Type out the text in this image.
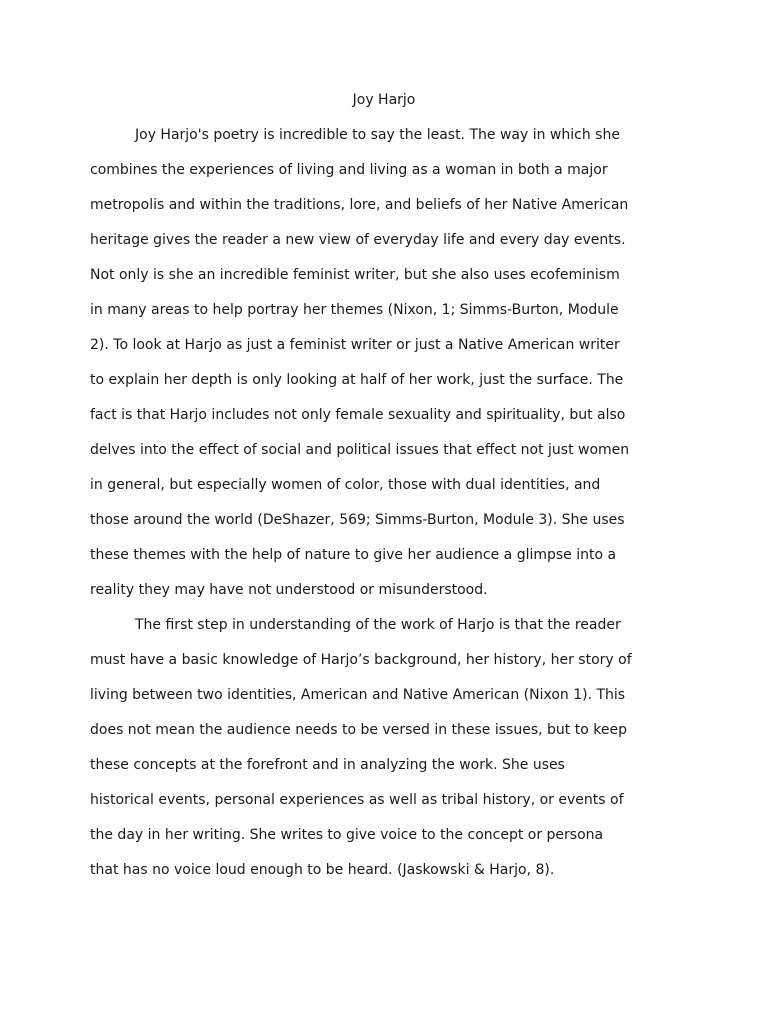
Joy Harjo

Joy Harjo's poetry is incredible to say the least. The way in which she

combines the experiences of living and living as a woman in both a major

metropolis and within the traditions, lore, and beliefs of her Native American

heritage gives the reader a new view of everyday life and every day events.

Not only is she an incredible feminist writer, but she also uses ecofeminism

in many areas to help portray her themes (Nixon, 1; Simms-Burton, Module

2). To look at Harjo as just a feminist writer or just a Native American writer

to explain her depth is only looking at half of her work, just the surface. The

fact is that Harjo includes not only female sexuality and spirituality, but also

delves into the effect of social and political issues that effect not just women

in general, but especially women of color, those with dual identities, and

those around the world (DeShazer, 569; Simms-Burton, Module 3). She uses

these themes with the help of nature to give her audience a glimpse into a

reality they may have not understood or misunderstood.

The first step in understanding of the work of Harjo is that the reader

must have a basic knowledge of Harjo’s background, her history, her story of

living between two identities, American and Native American (Nixon 1). This

does not mean the audience needs to be versed in these issues, but to keep

these concepts at the forefront and in analyzing the work. She uses

historical events, personal experiences as well as tribal history, or events of

the day in her writing. She writes to give voice to the concept or persona

that has no voice loud enough to be heard. (Jaskowski & Harjo, 8).
